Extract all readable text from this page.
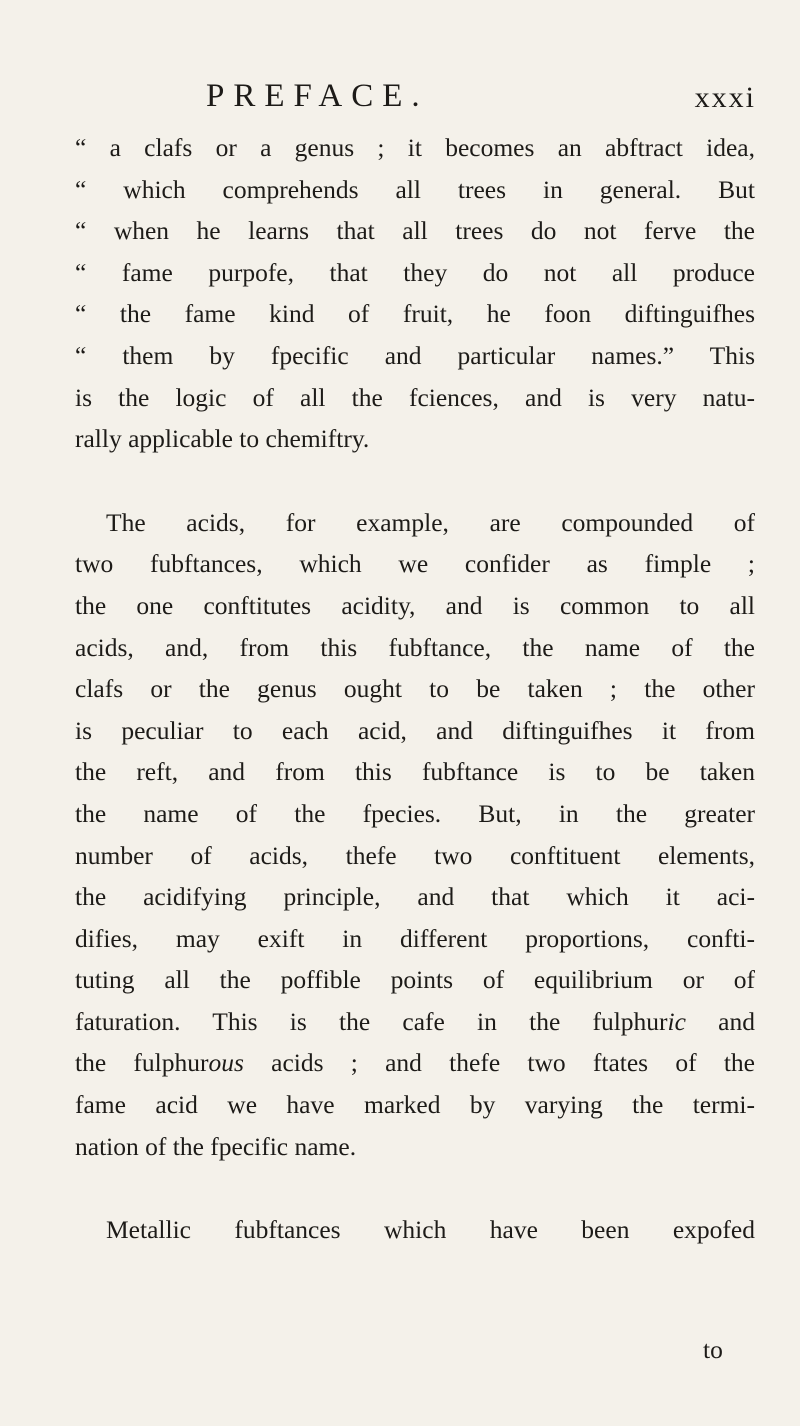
PREFACE.	xxxi
“ a clafs or a genus ; it becomes an abftract idea,
“ which comprehends all trees in general. But
“ when he learns that all trees do not ferve the
“ fame purpofe, that they do not all produce
“ the fame kind of fruit, he foon diftinguifhes
“ them by fpecific and particular names.” This
is the logic of all the fciences, and is very natu-
rally applicable to chemiftry.
The acids, for example, are compounded of
two fubftances, which we confider as fimple ;
the one conftitutes acidity, and is common to all
acids, and, from this fubftance, the name of the
clafs or the genus ought to be taken ; the other
is peculiar to each acid, and diftinguifhes it from
the reft, and from this fubftance is to be taken
the name of the fpecies. But, in the greater
number of acids, thefe two conftituent elements,
the acidifying principle, and that which it aci-
difies, may exift in different proportions, confti-
tuting all the poffible points of equilibrium or of
faturation. This is the cafe in the fulphuric and
the fulphurous acids ; and thefe two ftates of the
fame acid we have marked by varying the termi-
nation of the fpecific name.
Metallic fubftances which have been expofed
to
